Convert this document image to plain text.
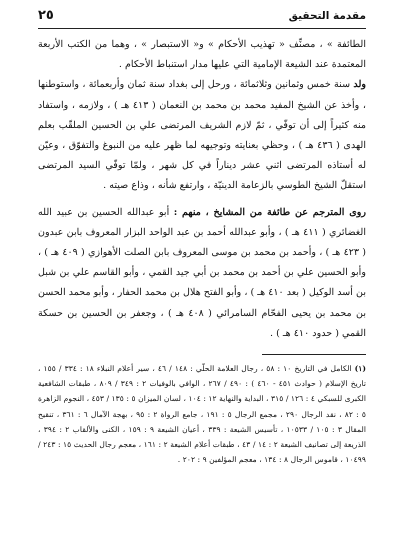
مقدمة التحقيق
٢٥

الطائفة » ، مصنِّف « تهذيب الأحكام » و« الاستبصار » ، وهما من الكتب الأربعة المعتمدة عند الشيعة الإمامية التي عليها مدار استنباط الأحكام .

ولد سنة خمس وثمانين وثلاثمائة ، ورحل إلى بغداد سنة ثمان وأربعمائة ، واستوطنها ، وأخذ عن الشيخ المفيد محمد بن محمد بن النعمان ( ٤١٣ هـ ) ، ولازمه ، واستفاد منه كثيراً إلى أن توفّي ، ثمّ لازم الشريف المرتضى علي بن الحسين الملقّب بعلم الهدى ( ٤٣٦ هـ ) ، وحظي بعنايته وتوجيهه لما ظهر عليه من النبوغ والتفوّق ، وعيّن له أستاذه المرتضى اثني عشر ديناراً في كل شهر ، ولمّا توفّي السيد المرتضى استقلّ الشيخ الطوسي بالزعامة الدينيّة ، وارتفع شأنه ، وذاع صيته .

روى المترجم عن طائفة من المشايخ ، منهم : أبو عبدالله الحسين بن عبيد الله الغضائري ( ٤١١ هـ ) ، وأبو عبدالله أحمد بن عبد الواحد البزار المعروف بابن عبدون ( ٤٢٣ هـ ) ، وأحمد بن محمد بن موسى المعروف بابن الصلت الأهوازي ( ٤٠٩ هـ ) ، وأبو الحسين علي بن أحمد بن محمد بن أبي جيد القمي ، وأبو القاسم علي بن شبل بن أسد الوكيل ( بعد ٤١٠ هـ ) ، وأبو الفتح هلال بن محمد الحفار ، وأبو محمد الحسن بن محمد بن يحيى الفحّام السامرائي ( ٤٠٨ هـ ) ، وجعفر بن الحسين بن حسكة القمي ( حدود ٤١٠ هـ ) .

(١) الكامل في التاريخ ١٠ : ٥٨ ، رجال العلامة الحلّي : ١٤٨ / ٤٦ ، سير أعلام النبلاء ١٨ : ٣٣٤ / ١٥٥ ، تاريخ الإسلام ( حوادث ٤٥١ - ٤٦٠ ) : ٤٩٠ / ٢٦٧ ، الوافي بالوفيات ٢ : ٣٤٩ / ٨٠٩ ، طبقات الشافعية الكبرى للسبكي ٤ : ١٢٦ / ٣١٥ ، البداية والنهاية ١٢ : ١٠٤ ، لسان الميزان ٥ : ١٣٥ / ٤٥٣ ، النجوم الزاهرة ٥ : ٨٢ ، نقد الرجال ٢٩٠ ، مجمع الرجال ٥ : ١٩١ ، جامع الرواة ٢ : ٩٥ ، بهجة الآمال ٦ : ٣٦١ ، تنقيح المقال ٣ : ١٠٥ / ١٠٥٣٣ ، تأسيس الشيعة : ٣٣٩ ، أعيان الشيعة ٩ : ١٥٩ ، الكنى والألقاب ٢ : ٣٩٤ ، الذريعة إلى تصانيف الشيعة ٢ : ١٤ / ٤٣ ، طبقات أعلام الشيعة ٢ : ١٦١ ، معجم رجال الحديث ١٥ : ٢٤٣ / ١٠٤٩٩ ، قاموس الرجال ٨ : ١٣٤ ، معجم المؤلفين ٩ : ٢٠٢ .
